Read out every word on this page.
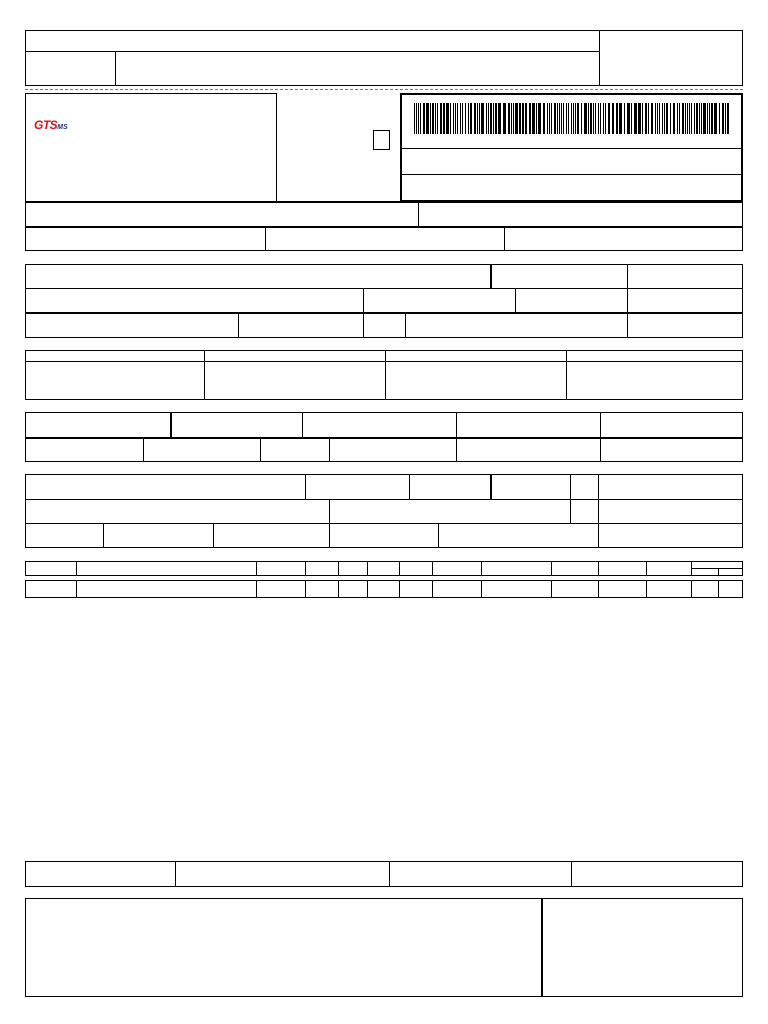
GTSMS
